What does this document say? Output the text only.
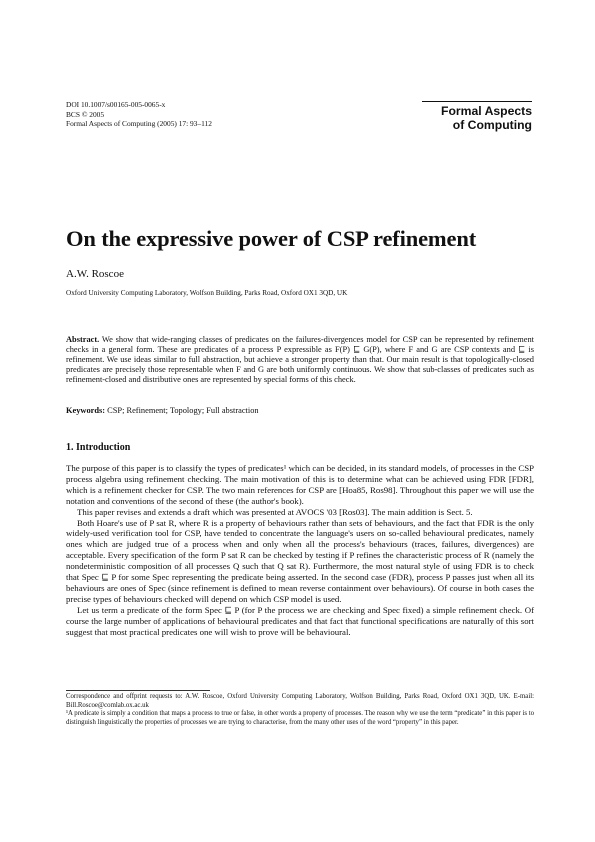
DOI 10.1007/s00165-005-0065-x
BCS © 2005
Formal Aspects of Computing (2005) 17: 93–112
Formal Aspects
of Computing
On the expressive power of CSP refinement
A.W. Roscoe
Oxford University Computing Laboratory, Wolfson Building, Parks Road, Oxford OX1 3QD, UK
Abstract. We show that wide-ranging classes of predicates on the failures-divergences model for CSP can be represented by refinement checks in a general form. These are predicates of a process P expressible as F(P) ⊑ G(P), where F and G are CSP contexts and ⊑ is refinement. We use ideas similar to full abstraction, but achieve a stronger property than that. Our main result is that topologically-closed predicates are precisely those representable when F and G are both uniformly continuous. We show that sub-classes of predicates such as refinement-closed and distributive ones are represented by special forms of this check.
Keywords: CSP; Refinement; Topology; Full abstraction
1. Introduction

The purpose of this paper is to classify the types of predicates¹ which can be decided, in its standard models, of processes in the CSP process algebra using refinement checking. The main motivation of this is to determine what can be achieved using FDR [FDR], which is a refinement checker for CSP. The two main references for CSP are [Hoa85, Ros98]. Throughout this paper we will use the notation and conventions of the second of these (the author's book).

This paper revises and extends a draft which was presented at AVOCS '03 [Ros03]. The main addition is Sect. 5.

Both Hoare's use of P sat R, where R is a property of behaviours rather than sets of behaviours, and the fact that FDR is the only widely-used verification tool for CSP, have tended to concentrate the language's users on so-called behavioural predicates, namely ones which are judged true of a process when and only when all the process's behaviours (traces, failures, divergences) are acceptable. Every specification of the form P sat R can be checked by testing if P refines the characteristic process of R (namely the nondeterministic composition of all processes Q such that Q sat R). Furthermore, the most natural style of using FDR is to check that Spec ⊑ P for some Spec representing the predicate being asserted. In the second case (FDR), process P passes just when all its behaviours are ones of Spec (since refinement is defined to mean reverse containment over behaviours). Of course in both cases the precise types of behaviours checked will depend on which CSP model is used.

Let us term a predicate of the form Spec ⊑ P (for P the process we are checking and Spec fixed) a simple refinement check. Of course the large number of applications of behavioural predicates and that fact that functional specifications are naturally of this sort suggest that most practical predicates one will wish to prove will be behavioural.

Correspondence and offprint requests to: A.W. Roscoe, Oxford University Computing Laboratory, Wolfson Building, Parks Road, Oxford OX1 3QD, UK. E-mail: Bill.Roscoe@comlab.ox.ac.uk

¹A predicate is simply a condition that maps a process to true or false, in other words a property of processes. The reason why we use the term “predicate” in this paper is to distinguish linguistically the properties of processes we are trying to characterise, from the many other uses of the word “property” in this paper.
